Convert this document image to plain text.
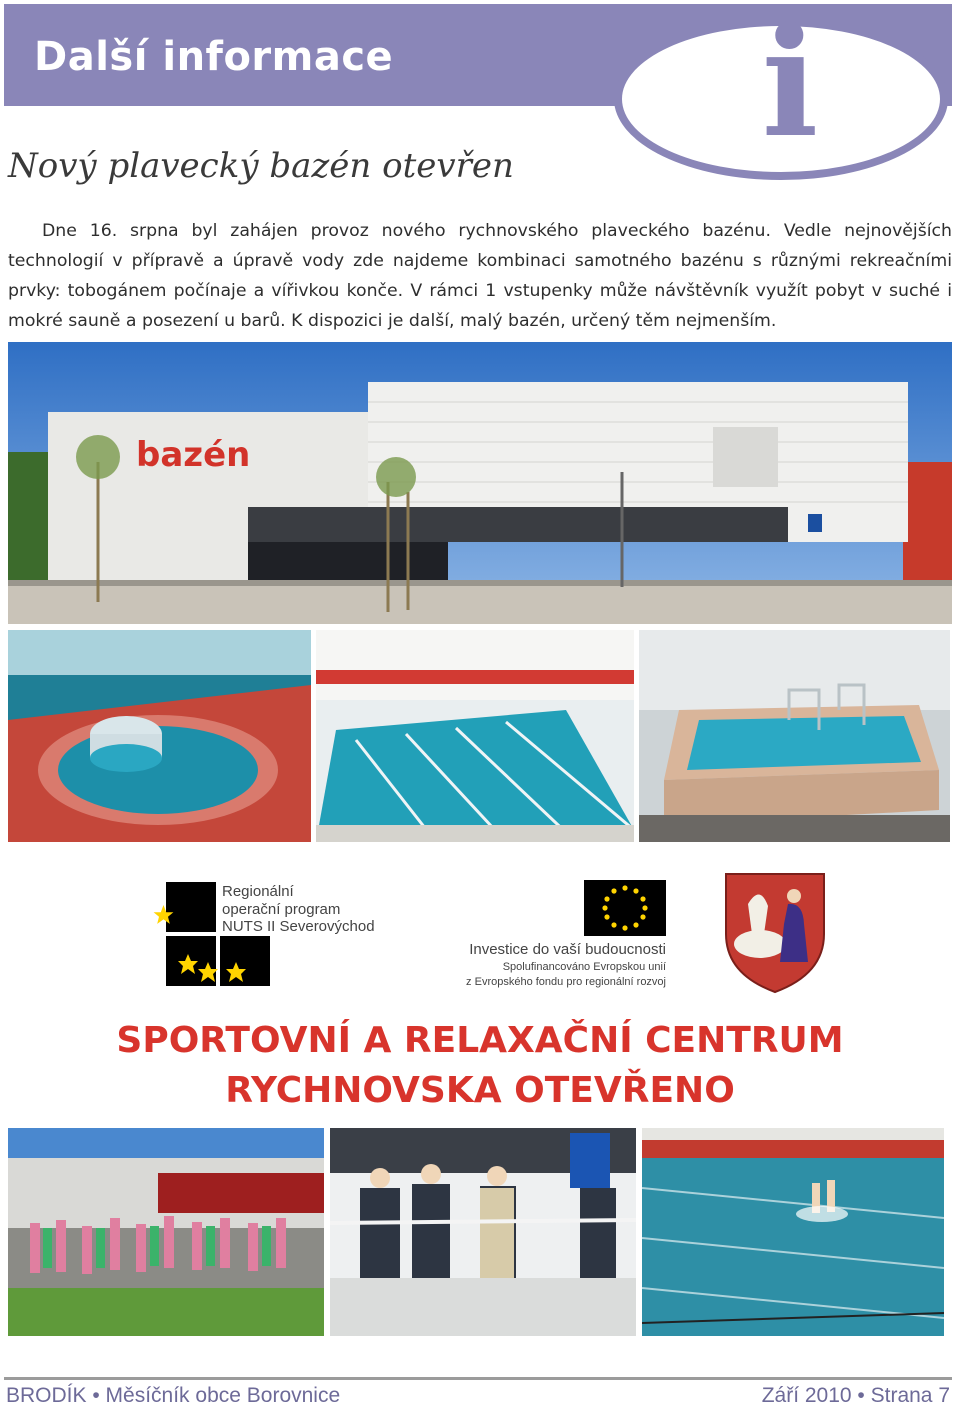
Další informace i
Nový plavecký bazén otevřen

Dne 16. srpna byl zahájen provoz nového rychnovského plaveckého bazénu. Vedle nejnovějších technologií v přípravě a úpravě vody zde najdeme kombinaci samotného bazénu s různými rekreačními prvky: tobogánem počínaje a vířivkou konče. V rámci 1 vstupenky může návštěvník využít pobyt v suché i mokré sauně a posezení u barů. K dispozici je další, malý bazén, určený těm nejmenším.

bazén
Regionální
operační program
NUTS II Severovýchod
Investice do vaší budoucnosti
Spolufinancováno Evropskou unií
z Evropského fondu pro regionální rozvoj
SPORTOVNÍ A RELAXAČNÍ CENTRUM
RYCHNOVSKA OTEVŘENO
BRODÍK • Měsíčník obce Borovnice	Září 2010 • Strana 7
